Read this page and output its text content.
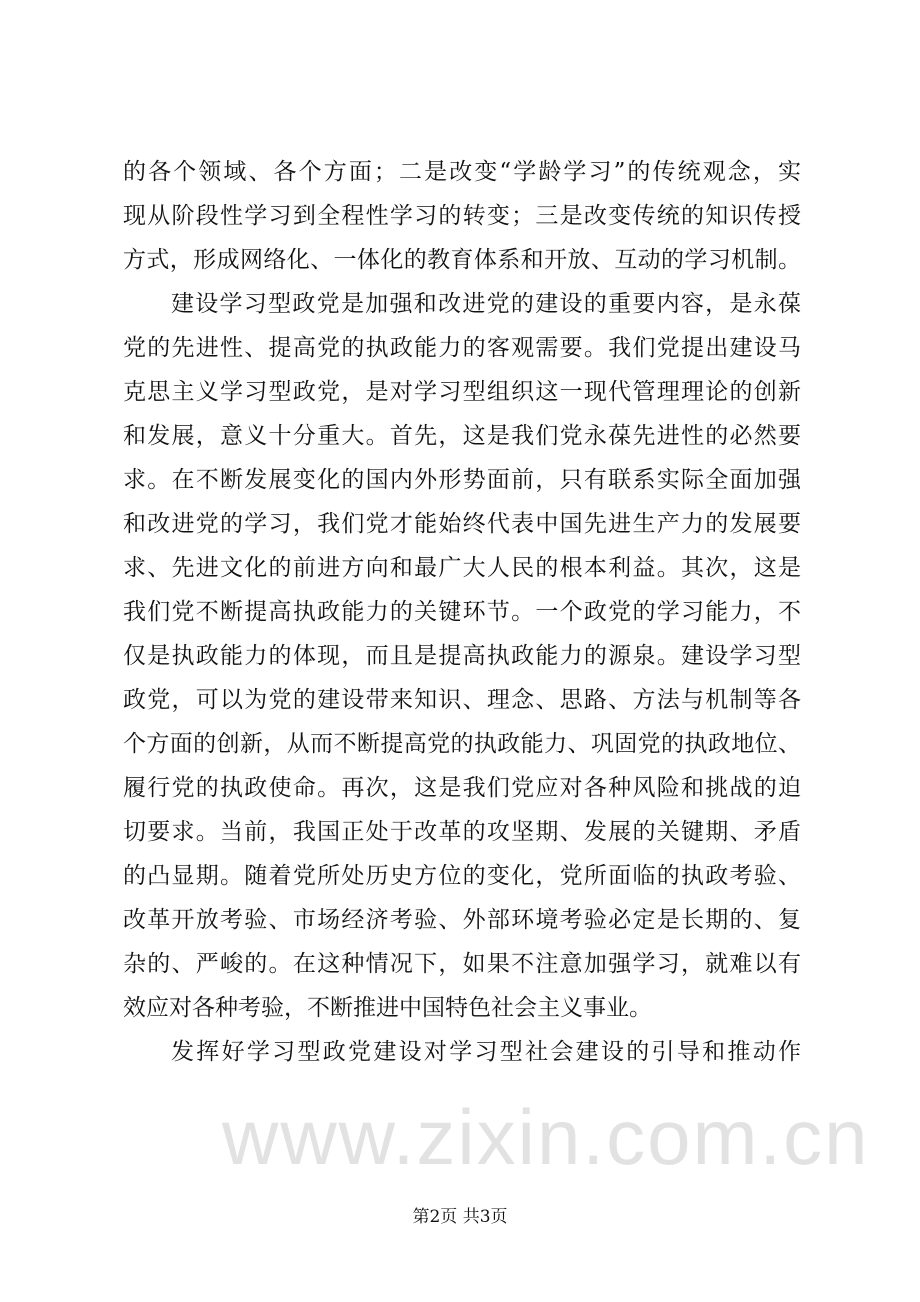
www.zixin.com.cn
的各个领域、各个方面；二是改变“学龄学习”的传统观念，实
现从阶段性学习到全程性学习的转变；三是改变传统的知识传授
方式，形成网络化、一体化的教育体系和开放、互动的学习机制。
建设学习型政党是加强和改进党的建设的重要内容，是永葆
党的先进性、提高党的执政能力的客观需要。我们党提出建设马
克思主义学习型政党，是对学习型组织这一现代管理理论的创新
和发展，意义十分重大。首先，这是我们党永葆先进性的必然要
求。在不断发展变化的国内外形势面前，只有联系实际全面加强
和改进党的学习，我们党才能始终代表中国先进生产力的发展要
求、先进文化的前进方向和最广大人民的根本利益。其次，这是
我们党不断提高执政能力的关键环节。一个政党的学习能力，不
仅是执政能力的体现，而且是提高执政能力的源泉。建设学习型
政党，可以为党的建设带来知识、理念、思路、方法与机制等各
个方面的创新，从而不断提高党的执政能力、巩固党的执政地位、
履行党的执政使命。再次，这是我们党应对各种风险和挑战的迫
切要求。当前，我国正处于改革的攻坚期、发展的关键期、矛盾
的凸显期。随着党所处历史方位的变化，党所面临的执政考验、
改革开放考验、市场经济考验、外部环境考验必定是长期的、复
杂的、严峻的。在这种情况下，如果不注意加强学习，就难以有
效应对各种考验，不断推进中国特色社会主义事业。
发挥好学习型政党建设对学习型社会建设的引导和推动作
第2页 共3页
